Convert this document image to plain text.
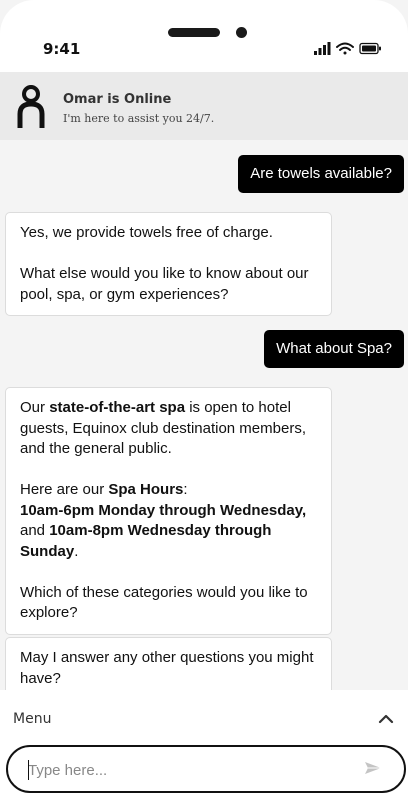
9:41
Omar is Online
I'm here to assist you 24/7.
Are towels available?

Yes, we provide towels free of charge.

What else would you like to know about our pool, spa, or gym experiences?

What about Spa?

Our state-of-the-art spa is open to hotel guests, Equinox club destination members, and the general public.

Here are our Spa Hours:
10am-6pm Monday through Wednesday,
and 10am-8pm Wednesday through Sunday.

Which of these categories would you like to explore?

May I answer any other questions you might have?

Menu
Type here...
